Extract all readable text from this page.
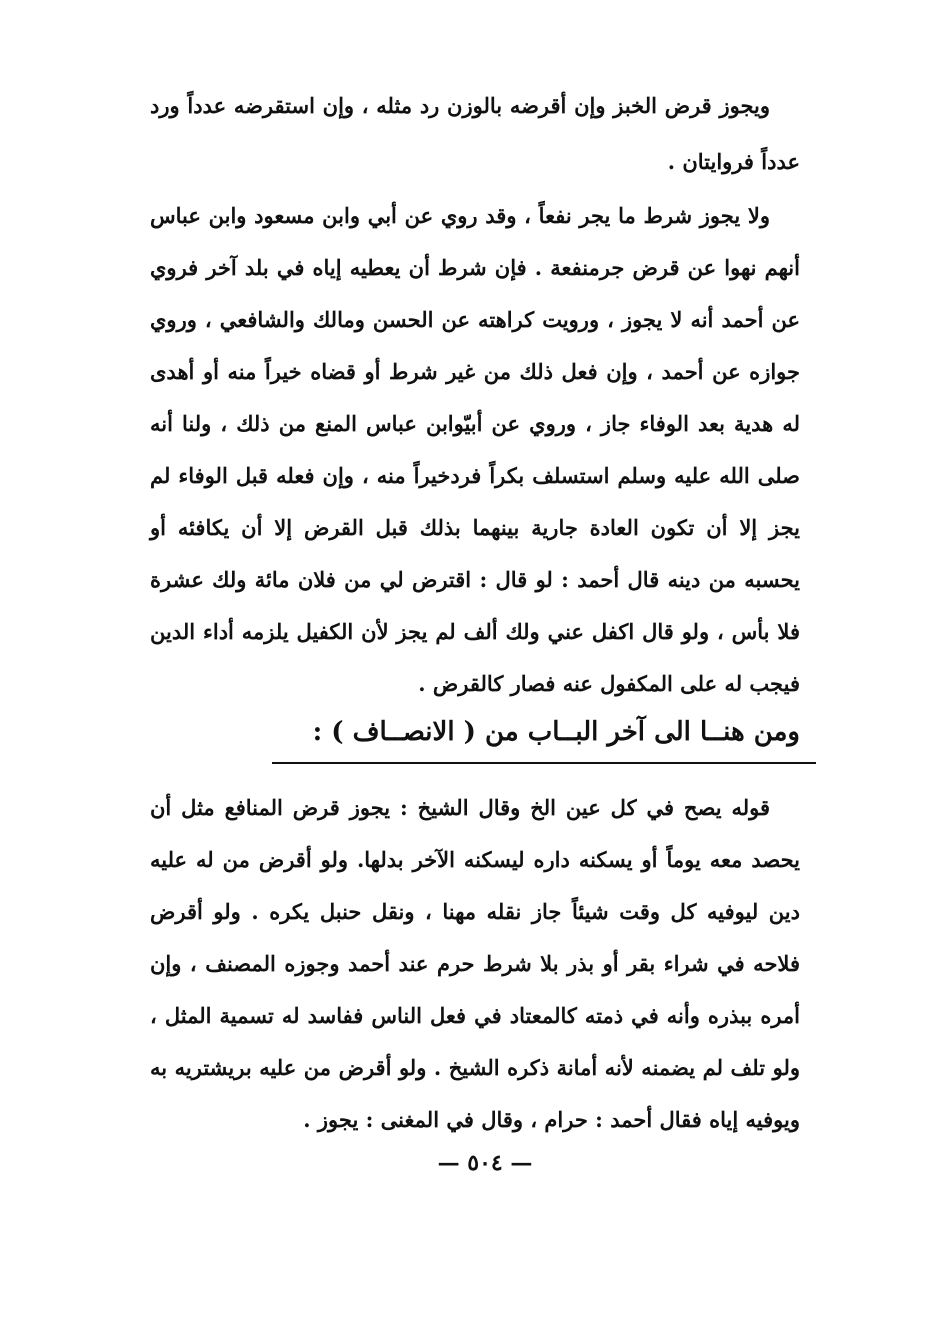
ويجوز قرض الخبز وإن أقرضه بالوزن رد مثله ، وإن استقرضه عدداً ورد عدداً فروايتان .
ولا يجوز شرط ما يجر نفعاً ، وقد روي عن أبي وابن مسعود وابن عباس أنهم نهوا عن قرض جرمنفعة . فإن شرط أن يعطيه إياه في بلد آخر فروي عن أحمد أنه لا يجوز ، ورويت كراهته عن الحسن ومالك والشافعي ، وروي جوازه عن أحمد ، وإن فعل ذلك من غير شرط أو قضاه خيراً منه أو أهدى له هدية بعد الوفاء جاز ، وروي عن أبيّوابن عباس المنع من ذلك ، ولنا أنه صلى الله عليه وسلم استسلف بكراً فردخيراً منه ، وإن فعله قبل الوفاء لم يجز إلا أن تكون العادة جارية بينهما بذلك قبل القرض إلا أن يكافئه أو يحسبه من دينه قال أحمد : لو قال : اقترض لي من فلان مائة ولك عشرة فلا بأس ، ولو قال اكفل عني ولك ألف لم يجز لأن الكفيل يلزمه أداء الدين فيجب له على المكفول عنه فصار كالقرض .
ومن هنــا الى آخر البــاب من ( الانصــاف ) :
قوله يصح في كل عين الخ وقال الشيخ : يجوز قرض المنافع مثل أن يحصد معه يوماً أو يسكنه داره ليسكنه الآخر بدلها. ولو أقرض من له عليه دين ليوفيه كل وقت شيئاً جاز نقله مهنا ، ونقل حنبل يكره . ولو أقرض فلاحه في شراء بقر أو بذر بلا شرط حرم عند أحمد وجوزه المصنف ، وإن أمره ببذره وأنه في ذمته كالمعتاد في فعل الناس ففاسد له تسمية المثل ، ولو تلف لم يضمنه لأنه أمانة ذكره الشيخ . ولو أقرض من عليه بريشتريه به ويوفيه إياه فقال أحمد : حرام ، وقال في المغنى : يجوز .
— ٥٠٤ —
